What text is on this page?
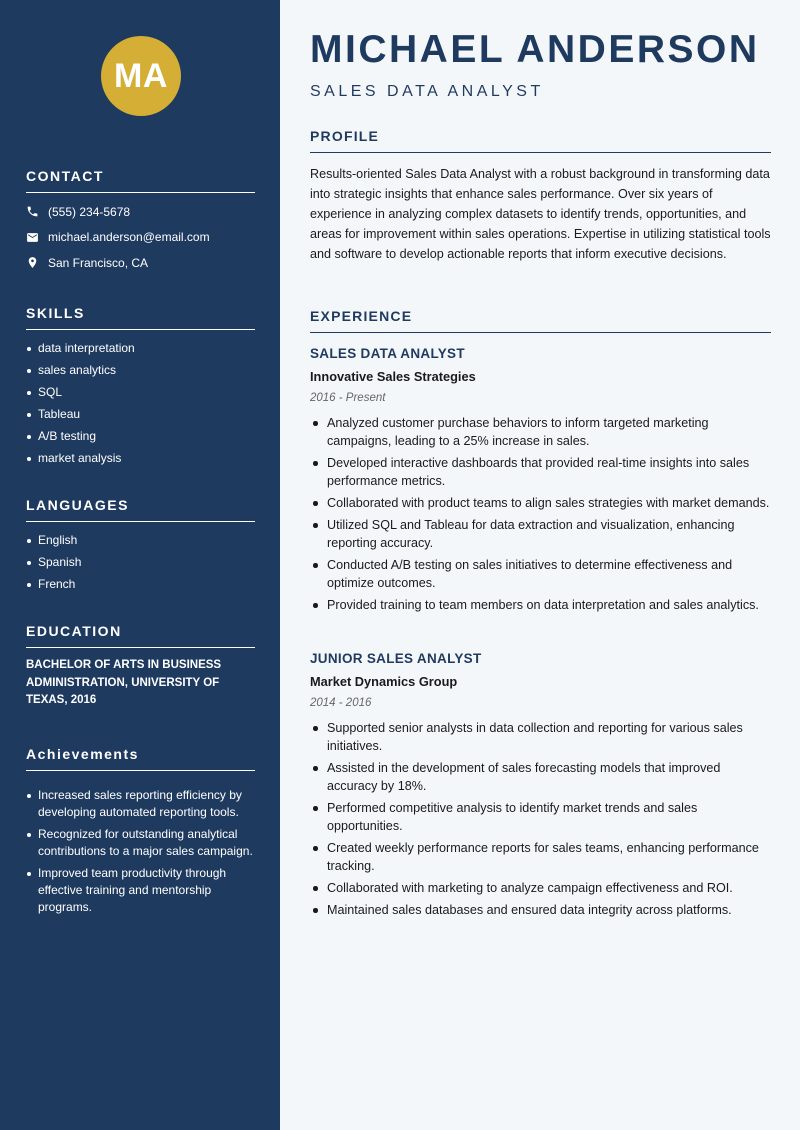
MA
CONTACT
(555) 234-5678
michael.anderson@email.com
San Francisco, CA
SKILLS
data interpretation
sales analytics
SQL
Tableau
A/B testing
market analysis
LANGUAGES
English
Spanish
French
EDUCATION
BACHELOR OF ARTS IN BUSINESS ADMINISTRATION, UNIVERSITY OF TEXAS, 2016
Achievements
Increased sales reporting efficiency by developing automated reporting tools.
Recognized for outstanding analytical contributions to a major sales campaign.
Improved team productivity through effective training and mentorship programs.
MICHAEL ANDERSON
SALES DATA ANALYST
PROFILE
Results-oriented Sales Data Analyst with a robust background in transforming data into strategic insights that enhance sales performance. Over six years of experience in analyzing complex datasets to identify trends, opportunities, and areas for improvement within sales operations. Expertise in utilizing statistical tools and software to develop actionable reports that inform executive decisions.
EXPERIENCE
SALES DATA ANALYST
Innovative Sales Strategies
2016 - Present
Analyzed customer purchase behaviors to inform targeted marketing campaigns, leading to a 25% increase in sales.
Developed interactive dashboards that provided real-time insights into sales performance metrics.
Collaborated with product teams to align sales strategies with market demands.
Utilized SQL and Tableau for data extraction and visualization, enhancing reporting accuracy.
Conducted A/B testing on sales initiatives to determine effectiveness and optimize outcomes.
Provided training to team members on data interpretation and sales analytics.
JUNIOR SALES ANALYST
Market Dynamics Group
2014 - 2016
Supported senior analysts in data collection and reporting for various sales initiatives.
Assisted in the development of sales forecasting models that improved accuracy by 18%.
Performed competitive analysis to identify market trends and sales opportunities.
Created weekly performance reports for sales teams, enhancing performance tracking.
Collaborated with marketing to analyze campaign effectiveness and ROI.
Maintained sales databases and ensured data integrity across platforms.
